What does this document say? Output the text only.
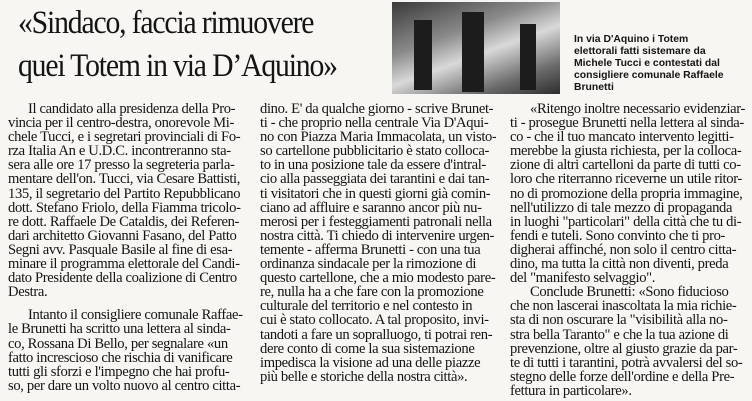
«Sindaco, faccia rimuovere
quei Totem in via D’Aquino»
In via D'Aquino i Totem
elettorali fatti sistemare da
Michele Tucci e contestati dal
consigliere comunale Raffaele
Brunetti
Il candidato alla presidenza della Pro-
vincia per il centro-destra, onorevole Mi-
chele Tucci, e i segretari provinciali di Fo-
rza Italia An e U.D.C. incontreranno sta-
sera alle ore 17 presso la segreteria parla-
mentare dell'on. Tucci, via Cesare Battisti,
135, il segretario del Partito Repubblicano
dott. Stefano Friolo, della Fiamma tricolo-
re dott. Raffaele De Cataldis, dei Referen-
dari architetto Giovanni Fasano, del Patto
Segni avv. Pasquale Basile al fine di esa-
minare il programma elettorale del Candi-
dato Presidente della coalizione di Centro
Destra.
Intanto il consigliere comunale Raffae-
le Brunetti ha scritto una lettera al sinda-
co, Rossana Di Bello, per segnalare «un
fatto increscioso che rischia di vanificare
tutti gli sforzi e l'impegno che hai profu-
so, per dare un volto nuovo al centro citta-
dino. E' da qualche giorno - scrive Brunet-
ti - che proprio nella centrale Via D'Aqui-
no con Piazza Maria Immacolata, un visto-
so cartellone pubblicitario è stato colloca-
to in una posizione tale da essere d'intral-
cio alla passeggiata dei tarantini e dai tan-
ti visitatori che in questi giorni già comin-
ciano ad affluire e saranno ancor più nu-
merosi per i festeggiamenti patronali nella
nostra città. Ti chiedo di intervenire urgen-
temente - afferma Brunetti - con una tua
ordinanza sindacale per la rimozione di
questo cartellone, che a mio modesto pare-
re, nulla ha a che fare con la promozione
culturale del territorio e nel contesto in
cui è stato collocato. A tal proposito, invi-
tandoti a fare un sopralluogo, ti potrai ren-
dere conto di come la sua sistemazione
impedisca la visione ad una delle piazze
più belle e storiche della nostra città».
«Ritengo inoltre necessario evidenziar-
ti - prosegue Brunetti nella lettera al sinda-
co - che il tuo mancato intervento legitti-
merebbe la giusta richiesta, per la colloca-
zione di altri cartelloni da parte di tutti co-
loro che riterranno riceverne un utile ritor-
no di promozione della propria immagine,
nell'utilizzo di tale mezzo di propaganda
in luoghi "particolari" della città che tu di-
fendi e tuteli. Sono convinto che ti pro-
digherai affinché, non solo il centro citta-
dino, ma tutta la città non diventi, preda
del "manifesto selvaggio".
Conclude Brunetti: «Sono fiducioso
che non lascerai inascoltata la mia richie-
sta di non oscurare la "visibilità alla no-
stra bella Taranto" e che la tua azione di
prevenzione, oltre al giusto grazie da par-
te di tutti i tarantini, potrà avvalersi del so-
stegno delle forze dell'ordine e della Pre-
fettura in particolare».
